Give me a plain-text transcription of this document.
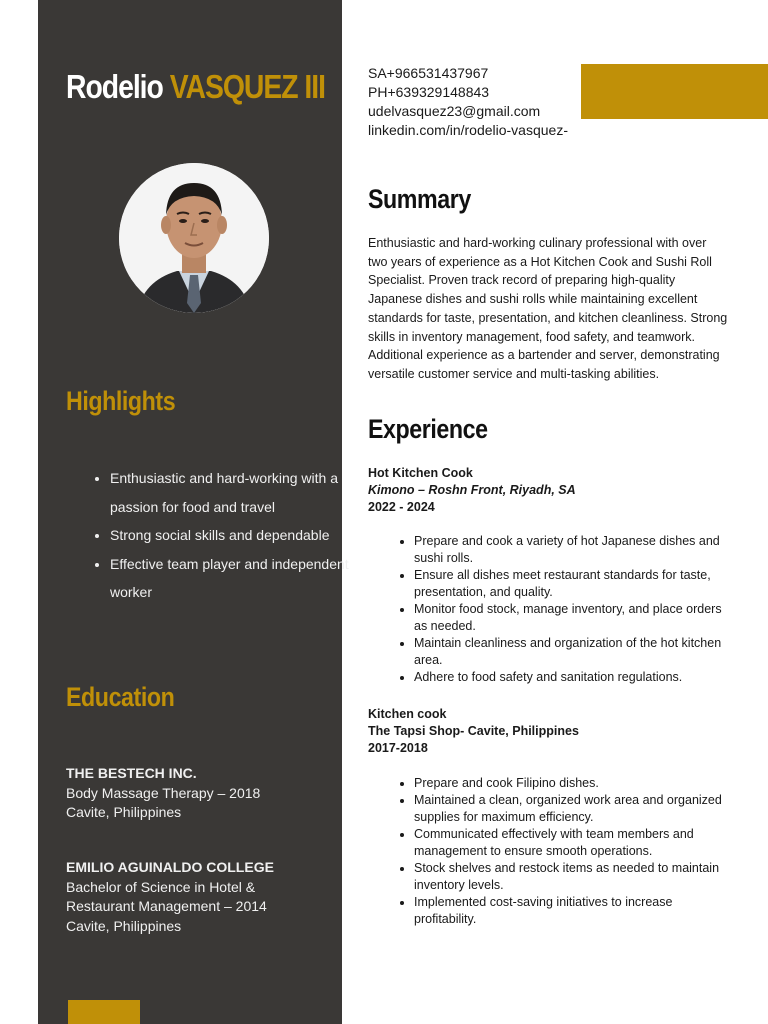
Rodelio VASQUEZ III
Highlights
• Enthusiastic and hard-working with a passion for food and travel
• Strong social skills and dependable
• Effective team player and independent worker
Education
THE BESTECH INC.
Body Massage Therapy – 2018
Cavite, Philippines
EMILIO AGUINALDO COLLEGE
Bachelor of Science in Hotel &
Restaurant Management – 2014
Cavite, Philippines
SA+966531437967
PH+639329148843
udelvasquez23@gmail.com
linkedin.com/in/rodelio-vasquez-
Summary
Enthusiastic and hard-working culinary professional with over two years of experience as a Hot Kitchen Cook and Sushi Roll Specialist. Proven track record of preparing high-quality Japanese dishes and sushi rolls while maintaining excellent standards for taste, presentation, and kitchen cleanliness. Strong skills in inventory management, food safety, and teamwork. Additional experience as a bartender and server, demonstrating versatile customer service and multi-tasking abilities.
Experience
Hot Kitchen Cook
Kimono – Roshn Front, Riyadh, SA
2022 - 2024
• Prepare and cook a variety of hot Japanese dishes and sushi rolls.
• Ensure all dishes meet restaurant standards for taste, presentation, and quality.
• Monitor food stock, manage inventory, and place orders as needed.
• Maintain cleanliness and organization of the hot kitchen area.
• Adhere to food safety and sanitation regulations.
Kitchen cook
The Tapsi Shop- Cavite, Philippines
2017-2018
• Prepare and cook Filipino dishes.
• Maintained a clean, organized work area and organized supplies for maximum efficiency.
• Communicated effectively with team members and management to ensure smooth operations.
• Stock shelves and restock items as needed to maintain inventory levels.
• Implemented cost-saving initiatives to increase profitability.
